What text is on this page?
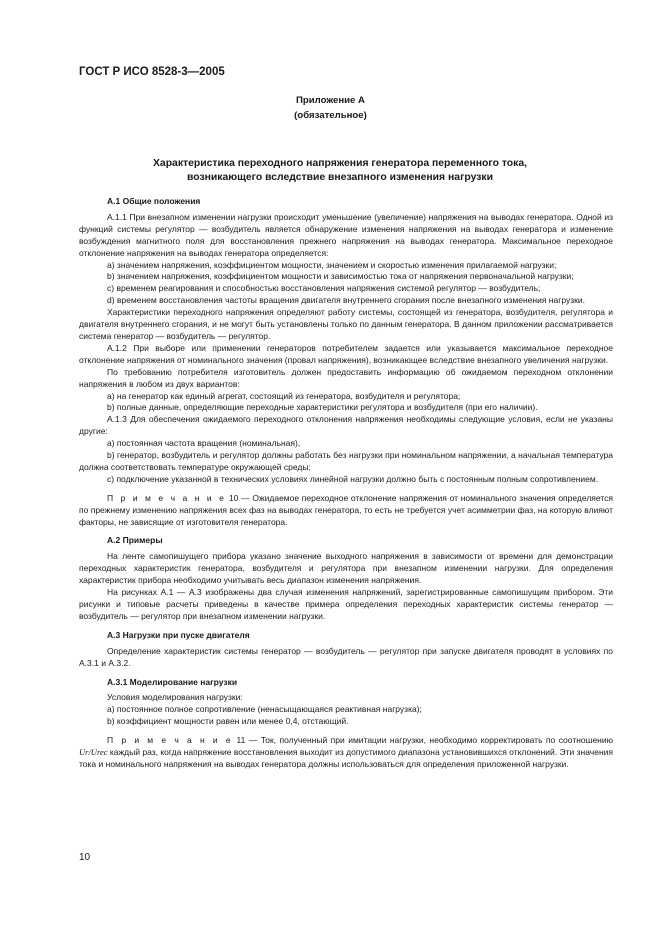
ГОСТ Р ИСО 8528-3—2005
Приложение А
(обязательное)
Характеристика переходного напряжения генератора переменного тока,
возникающего вследствие внезапного изменения нагрузки

А.1 Общие положения

А.1.1 При внезапном изменении нагрузки происходит уменьшение (увеличение) напряжения на выводах генератора. Одной из функций системы регулятор — возбудитель является обнаружение изменения напряжения на выводах генератора и изменение возбуждения магнитного поля для восстановления прежнего напряжения на выводах генератора. Максимальное переходное отклонение напряжения на выводах генератора определяется:

а) значением напряжения, коэффициентом мощности, значением и скоростью изменения прилагаемой нагрузки;

b) значением напряжения, коэффициентом мощности и зависимостью тока от напряжения первоначальной нагрузки;

c) временем реагирования и способностью восстановления напряжения системой регулятор — возбудитель;

d) временем восстановления частоты вращения двигателя внутреннего сгорания после внезапного изменения нагрузки.

Характеристики переходного напряжения определяют работу системы, состоящей из генератора, возбудителя, регулятора и двигателя внутреннего сгорания, и не могут быть установлены только по данным генератора. В данном приложении рассматривается система генератор — возбудитель — регулятор.

А.1.2 При выборе или применении генераторов потребителем задается или указывается максимальное переходное отклонение напряжения от номинального значения (провал напряжения), возникающее вследствие внезапного увеличения нагрузки.

По требованию потребителя изготовитель должен предоставить информацию об ожидаемом переходном отклонении напряжения в любом из двух вариантов:

а) на генератор как единый агрегат, состоящий из генератора, возбудителя и регулятора;

b) полные данные, определяющие переходные характеристики регулятора и возбудителя (при его наличии).

А.1.3 Для обеспечения ожидаемого переходного отклонения напряжения необходимы следующие условия, если не указаны другие:

а) постоянная частота вращения (номинальная),

b) генератор, возбудитель и регулятор должны работать без нагрузки при номинальном напряжении, а начальная температура должна соответствовать температуре окружающей среды;

c) подключение указанной в технических условиях линейной нагрузки должно быть с постоянным полным сопротивлением.

П р и м е ч а н и е 10 — Ожидаемое переходное отклонение напряжения от номинального значения определяется по прежнему изменению напряжения всех фаз на выводах генератора, то есть не требуется учет асимметрии фаз, на которую влияют факторы, не зависящие от изготовителя генератора.

А.2 Примеры

На ленте самопишущего прибора указано значение выходного напряжения в зависимости от времени для демонстрации переходных характеристик генератора, возбудителя и регулятора при внезапном изменении нагрузки. Для определения характеристик прибора необходимо учитывать весь диапазон изменения напряжения.

На рисунках А.1 — А.3 изображены два случая изменения напряжений, зарегистрированные самопишущим прибором. Эти рисунки и типовые расчеты приведены в качестве примера определения переходных характеристик системы генератор — возбудитель — регулятор при внезапном изменении нагрузки.

А.3 Нагрузки при пуске двигателя

Определение характеристик системы генератор — возбудитель — регулятор при запуске двигателя проводят в условиях по А.3.1 и А.3.2.

А.3.1 Моделирование нагрузки

Условия моделирования нагрузки:

а) постоянное полное сопротивление (ненасыщающаяся реактивная нагрузка);

b) коэффициент мощности равен или менее 0,4, отстающий.

П р и м е ч а н и е 11 — Ток, полученный при имитации нагрузки, необходимо корректировать по соотношению Ur/Urec каждый раз, когда напряжение восстановления выходит из допустимого диапазона установившихся отклонений. Эти значения тока и номинального напряжения на выводах генератора должны использоваться для определения приложенной нагрузки.

10
